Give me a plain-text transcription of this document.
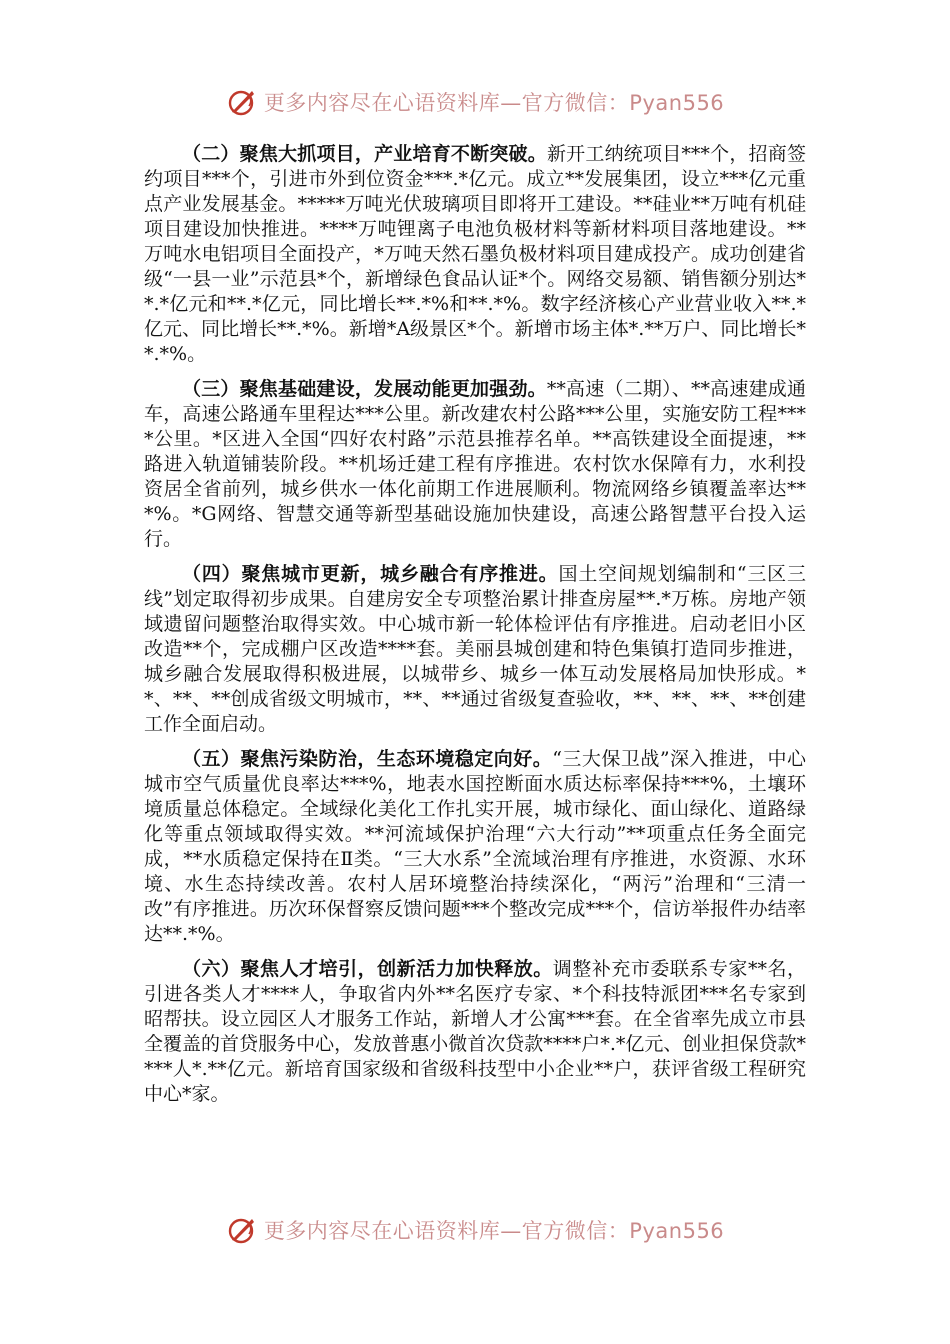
更多内容尽在心语资料库—官方微信：Pyan556

（二）聚焦大抓项目，产业培育不断突破。新开工纳统项目***个，招商签约项目***个，引进市外到位资金***.*亿元。成立**发展集团，设立***亿元重点产业发展基金。*****万吨光伏玻璃项目即将开工建设。**硅业**万吨有机硅项目建设加快推进。****万吨锂离子电池负极材料等新材料项目落地建设。**万吨水电铝项目全面投产，*万吨天然石墨负极材料项目建成投产。成功创建省级“一县一业”示范县*个，新增绿色食品认证*个。网络交易额、销售额分别达**.*亿元和**.*亿元，同比增长**.*%和**.*%。数字经济核心产业营业收入**.*亿元、同比增长**.*%。新增*A级景区*个。新增市场主体*.**万户、同比增长**.*%。

（三）聚焦基础建设，发展动能更加强劲。**高速（二期）、**高速建成通车，高速公路通车里程达***公里。新改建农村公路***公里，实施安防工程****公里。*区进入全国“四好农村路”示范县推荐名单。**高铁建设全面提速，**路进入轨道铺装阶段。**机场迁建工程有序推进。农村饮水保障有力，水利投资居全省前列，城乡供水一体化前期工作进展顺利。物流网络乡镇覆盖率达***%。*G网络、智慧交通等新型基础设施加快建设，高速公路智慧平台投入运行。

（四）聚焦城市更新，城乡融合有序推进。国土空间规划编制和“三区三线”划定取得初步成果。自建房安全专项整治累计排查房屋**.*万栋。房地产领域遗留问题整治取得实效。中心城市新一轮体检评估有序推进。启动老旧小区改造**个，完成棚户区改造****套。美丽县城创建和特色集镇打造同步推进，城乡融合发展取得积极进展，以城带乡、城乡一体互动发展格局加快形成。**、**、**创成省级文明城市，**、**通过省级复查验收，**、**、**、**创建工作全面启动。

（五）聚焦污染防治，生态环境稳定向好。“三大保卫战”深入推进，中心城市空气质量优良率达***%，地表水国控断面水质达标率保持***%，土壤环境质量总体稳定。全域绿化美化工作扎实开展，城市绿化、面山绿化、道路绿化等重点领域取得实效。**河流域保护治理“六大行动”**项重点任务全面完成，**水质稳定保持在Ⅱ类。“三大水系”全流域治理有序推进，水资源、水环境、水生态持续改善。农村人居环境整治持续深化，“两污”治理和“三清一改”有序推进。历次环保督察反馈问题***个整改完成***个，信访举报件办结率达**.*%。

（六）聚焦人才培引，创新活力加快释放。调整补充市委联系专家**名，引进各类人才****人，争取省内外**名医疗专家、*个科技特派团***名专家到昭帮扶。设立园区人才服务工作站，新增人才公寓***套。在全省率先成立市县全覆盖的首贷服务中心，发放普惠小微首次贷款****户*.*亿元、创业担保贷款****人*.**亿元。新培育国家级和省级科技型中小企业**户，获评省级工程研究中心*家。

更多内容尽在心语资料库—官方微信：Pyan556
